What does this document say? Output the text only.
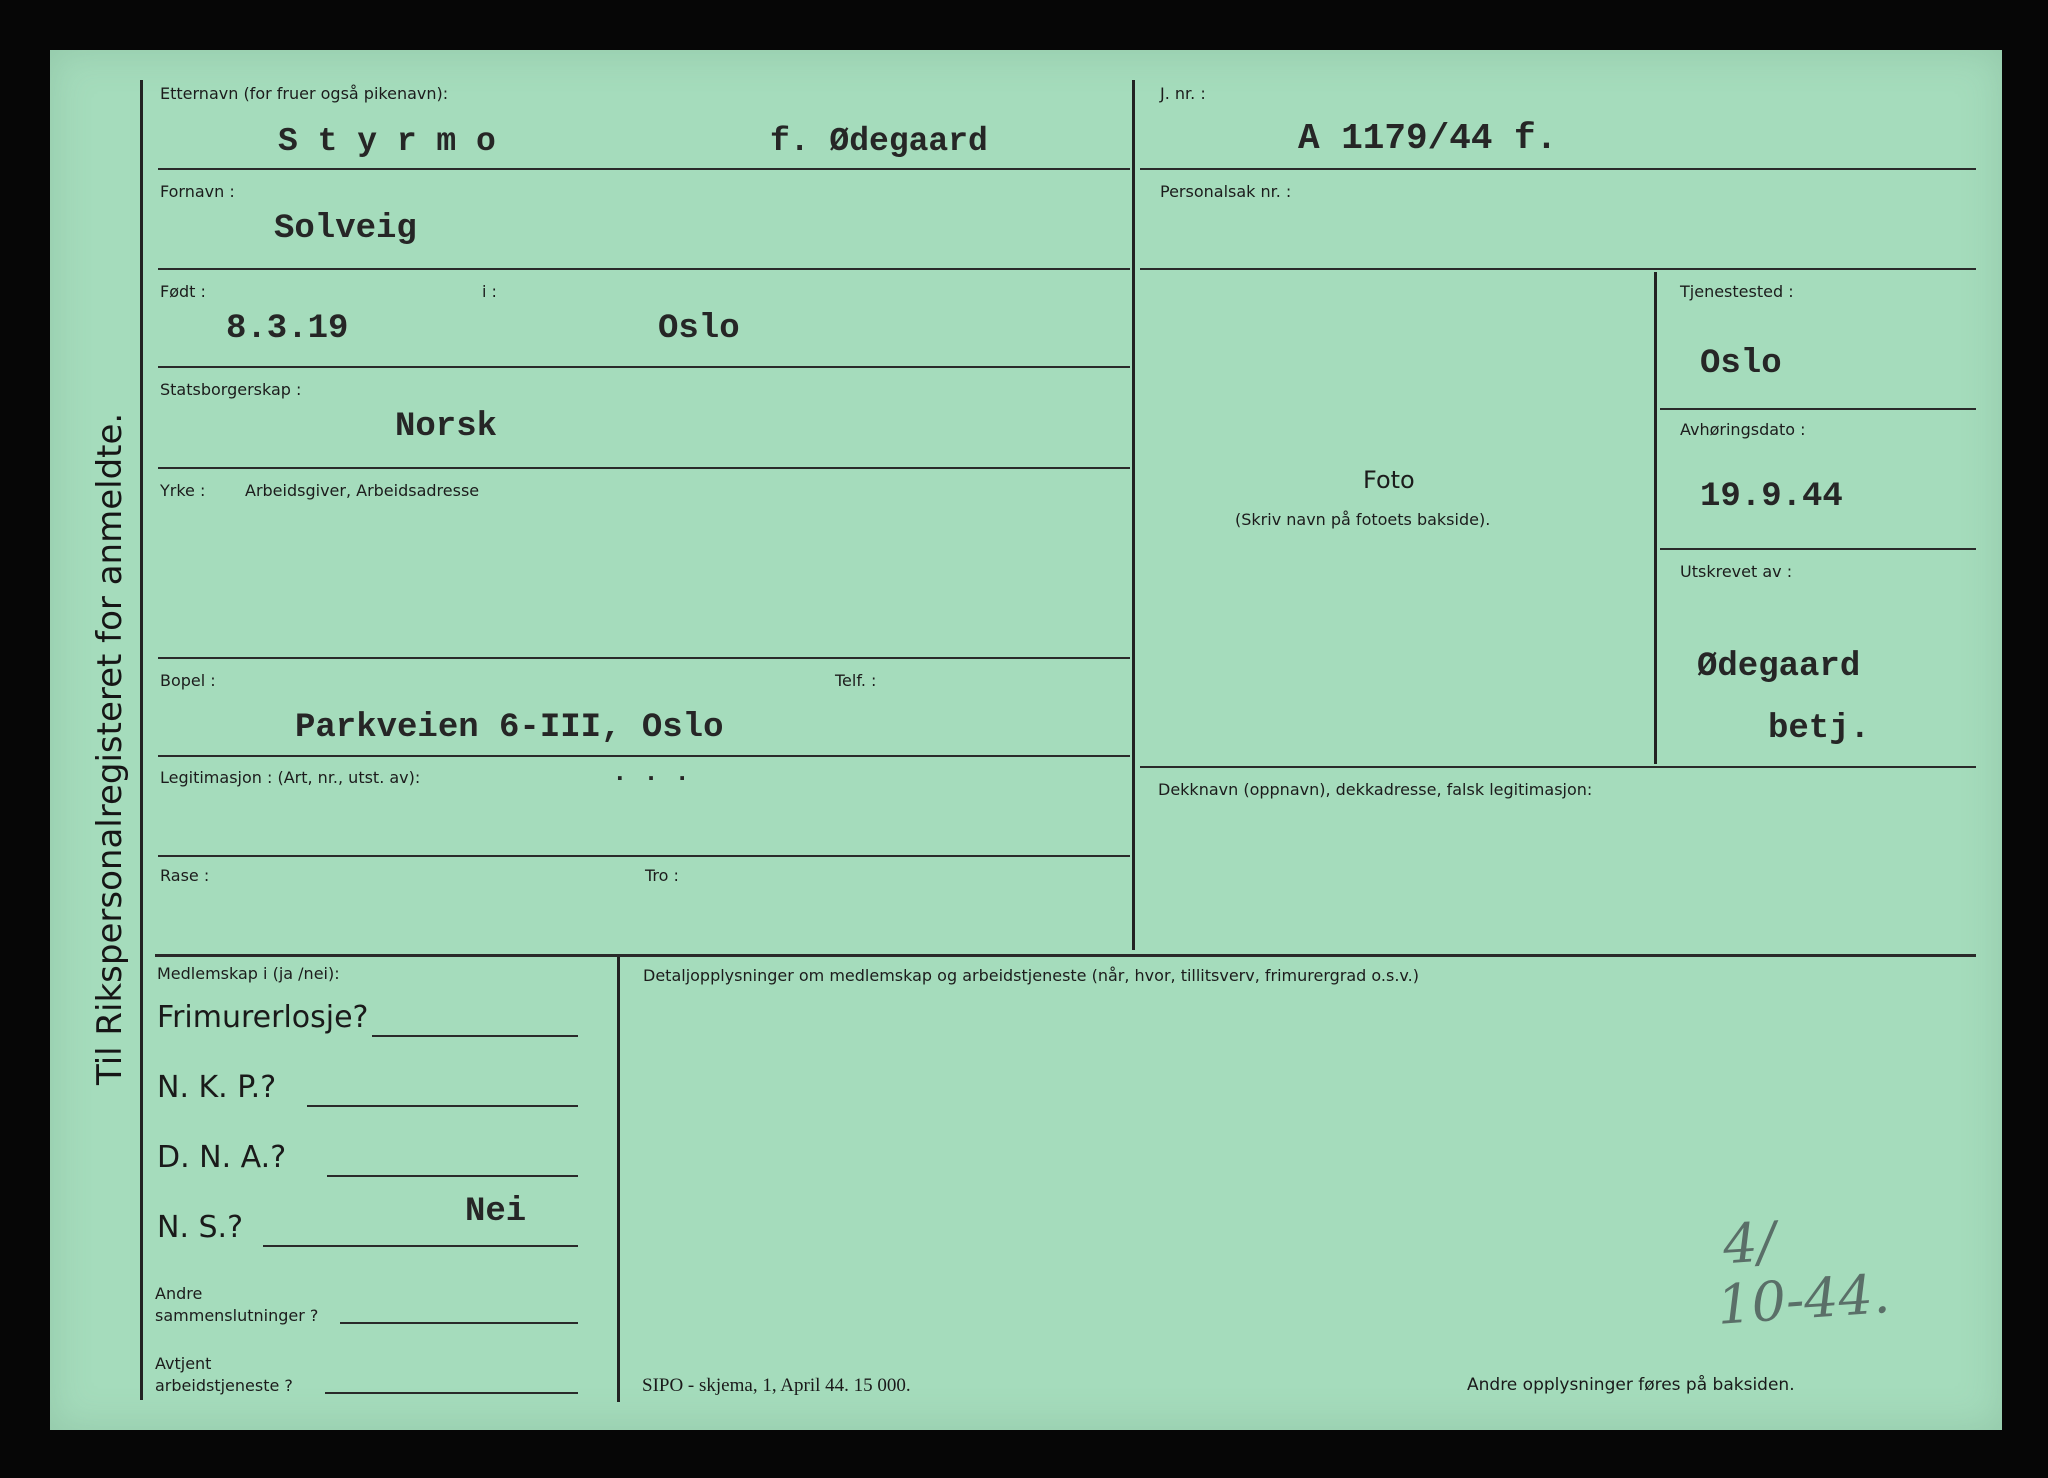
Til Rikspersonalregisteret for anmeldte.
Etternavn (for fruer også pikenavn):
S t y r m o	f. Ødegaard
Fornavn :
Solveig
Født :
8.3.19
i :
Oslo
Statsborgerskap :
Norsk
Yrke : Arbeidsgiver, Arbeidsadresse
Bopel :	Telf. :
Parkveien 6-III, Oslo
Legitimasjon : (Art, nr., utst. av):	. . .
Rase :	Tro :
J. nr. :
A 1179/44 f.
Personalsak nr. :
Foto
(Skriv navn på fotoets bakside).
Tjenestested :
Oslo
Avhøringsdato :
19.9.44
Utskrevet av :
Ødegaard
betj.
Dekknavn (oppnavn), dekkadresse, falsk legitimasjon:
Medlemskap i (ja /nei):
Frimurerlosje?
N. K. P.?
D. N. A.?
N. S.?	Nei
Andre
sammenslutninger ?
Avtjent
arbeidstjeneste ?
Detaljopplysninger om medlemskap og arbeidstjeneste (når, hvor, tillitsverv, frimurergrad o.s.v.)
4/
10-44.
SIPO - skjema, 1, April 44. 15 000.	Andre opplysninger føres på baksiden.
